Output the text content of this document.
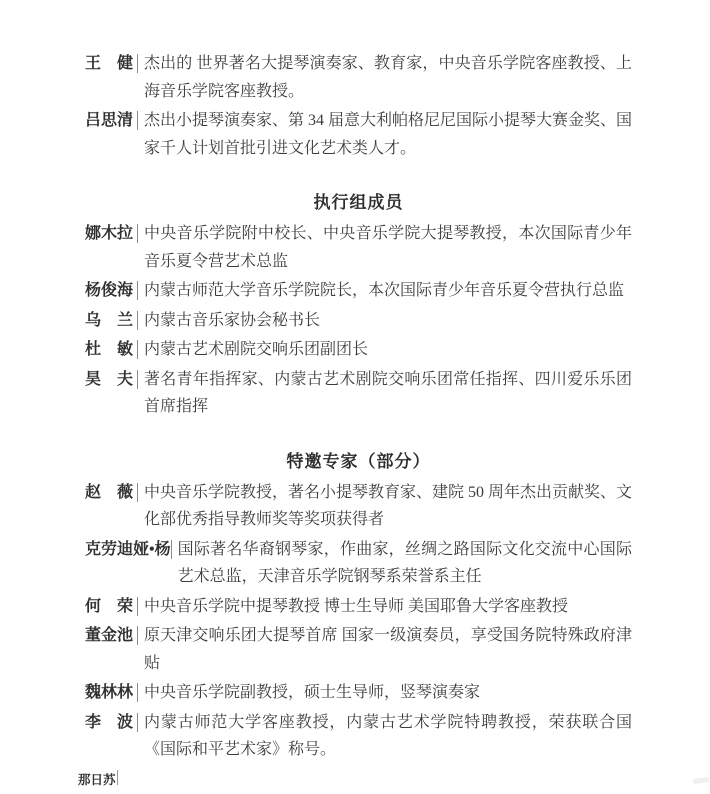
王　健 杰出的 世界著名大提琴演奏家、教育家，中央音乐学院客座教授、上海音乐学院客座教授。
吕思清 杰出小提琴演奏家、第 34 届意大利帕格尼尼国际小提琴大赛金奖、国家千人计划首批引进文化艺术类人才。
执行组成员
娜木拉 中央音乐学院附中校长、中央音乐学院大提琴教授，本次国际青少年音乐夏令营艺术总监
杨俊海 内蒙古师范大学音乐学院院长，本次国际青少年音乐夏令营执行总监
乌　兰 内蒙古音乐家协会秘书长
杜　敏 内蒙古艺术剧院交响乐团副团长
昊　夫 著名青年指挥家、内蒙古艺术剧院交响乐团常任指挥、四川爱乐乐团首席指挥
特邀专家（部分）
赵　薇 中央音乐学院教授，著名小提琴教育家、建院 50 周年杰出贡献奖、文化部优秀指导教师奖等奖项获得者
克劳迪娅•杨 国际著名华裔钢琴家，作曲家，丝绸之路国际文化交流中心国际艺术总监，天津音乐学院钢琴系荣誉系主任
何　荣 中央音乐学院中提琴教授 博士生导师 美国耶鲁大学客座教授
董金池 原天津交响乐团大提琴首席 国家一级演奏员，享受国务院特殊政府津贴
魏林林 中央音乐学院副教授，硕士生导师，竖琴演奏家
李　波 内蒙古师范大学客座教授，内蒙古艺术学院特聘教授，荣获联合国《国际和平艺术家》称号。
那日苏
